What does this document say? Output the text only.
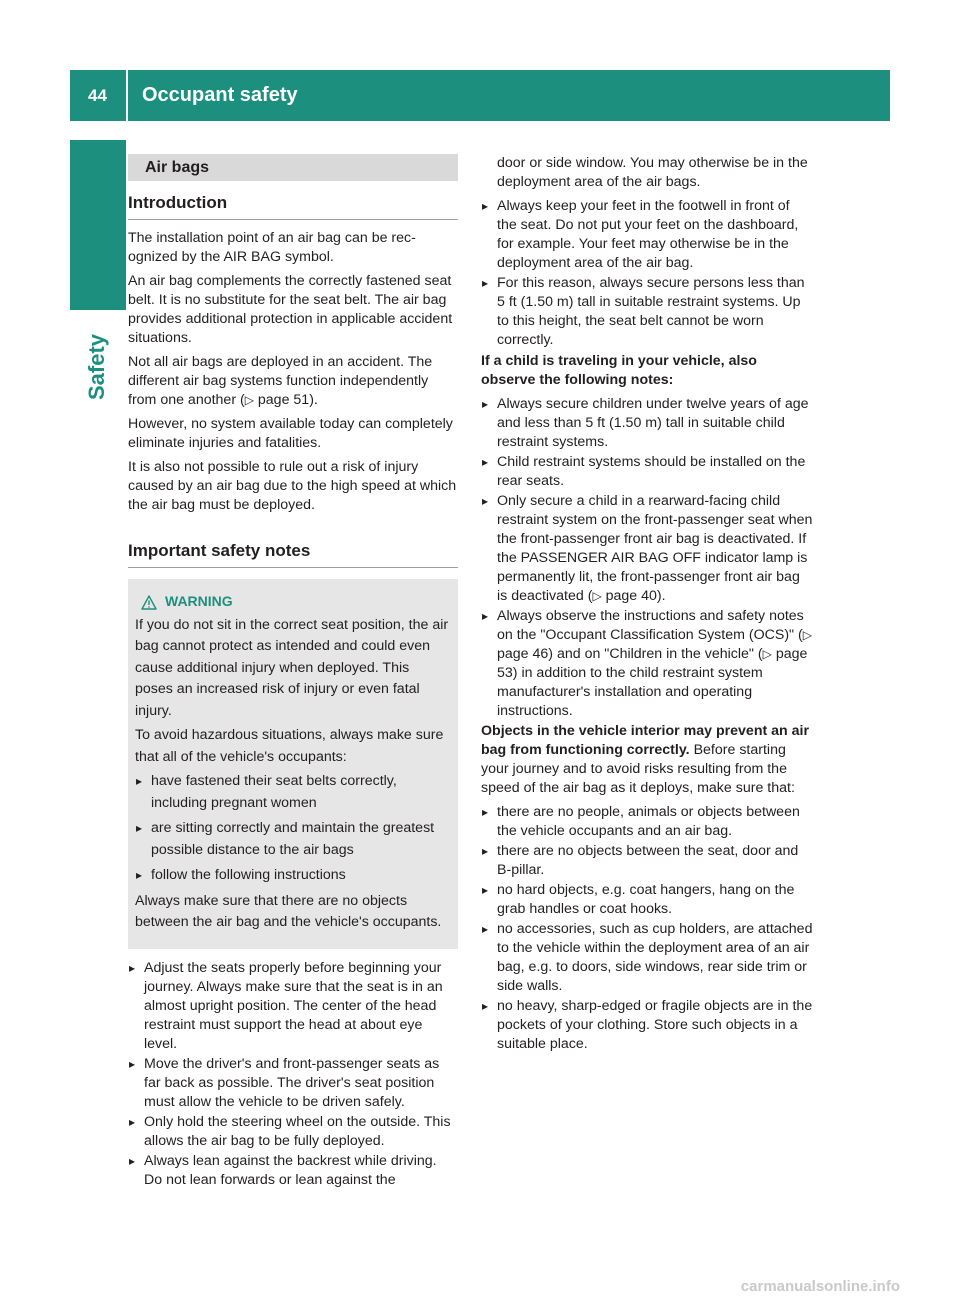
44	Occupant safety
Safety
Air bags
Introduction

The installation point of an air bag can be recognized by the AIR BAG symbol.

An air bag complements the correctly fastened seat belt. It is no substitute for the seat belt. The air bag provides additional protection in applicable accident situations.

Not all air bags are deployed in an accident. The different air bag systems function independently from one another (▷ page 51).

However, no system available today can completely eliminate injuries and fatalities.

It is also not possible to rule out a risk of injury caused by an air bag due to the high speed at which the air bag must be deployed.

Important safety notes
WARNING

If you do not sit in the correct seat position, the air bag cannot protect as intended and could even cause additional injury when deployed. This poses an increased risk of injury or even fatal injury.

To avoid hazardous situations, always make sure that all of the vehicle's occupants:

▸ have fastened their seat belts correctly, including pregnant women
▸ are sitting correctly and maintain the greatest possible distance to the air bags
▸ follow the following instructions

Always make sure that there are no objects between the air bag and the vehicle's occupants.

▸ Adjust the seats properly before beginning your journey. Always make sure that the seat is in an almost upright position. The center of the head restraint must support the head at about eye level.
▸ Move the driver's and front-passenger seats as far back as possible. The driver's seat position must allow the vehicle to be driven safely.
▸ Only hold the steering wheel on the outside. This allows the air bag to be fully deployed.
▸ Always lean against the backrest while driving. Do not lean forwards or lean against the

door or side window. You may otherwise be in the deployment area of the air bags.

▸ Always keep your feet in the footwell in front of the seat. Do not put your feet on the dashboard, for example. Your feet may otherwise be in the deployment area of the air bag.
▸ For this reason, always secure persons less than 5 ft (1.50 m) tall in suitable restraint systems. Up to this height, the seat belt cannot be worn correctly.

If a child is traveling in your vehicle, also observe the following notes:

▸ Always secure children under twelve years of age and less than 5 ft (1.50 m) tall in suitable child restraint systems.
▸ Child restraint systems should be installed on the rear seats.
▸ Only secure a child in a rearward-facing child restraint system on the front-passenger seat when the front-passenger front air bag is deactivated. If the PASSENGER AIR BAG OFF indicator lamp is permanently lit, the front-passenger front air bag is deactivated (▷ page 40).
▸ Always observe the instructions and safety notes on the "Occupant Classification System (OCS)" (▷ page 46) and on "Children in the vehicle" (▷ page 53) in addition to the child restraint system manufacturer's installation and operating instructions.

Objects in the vehicle interior may prevent an air bag from functioning correctly. Before starting your journey and to avoid risks resulting from the speed of the air bag as it deploys, make sure that:

▸ there are no people, animals or objects between the vehicle occupants and an air bag.
▸ there are no objects between the seat, door and B-pillar.
▸ no hard objects, e.g. coat hangers, hang on the grab handles or coat hooks.
▸ no accessories, such as cup holders, are attached to the vehicle within the deployment area of an air bag, e.g. to doors, side windows, rear side trim or side walls.
▸ no heavy, sharp-edged or fragile objects are in the pockets of your clothing. Store such objects in a suitable place.
carmanualsonline.info
